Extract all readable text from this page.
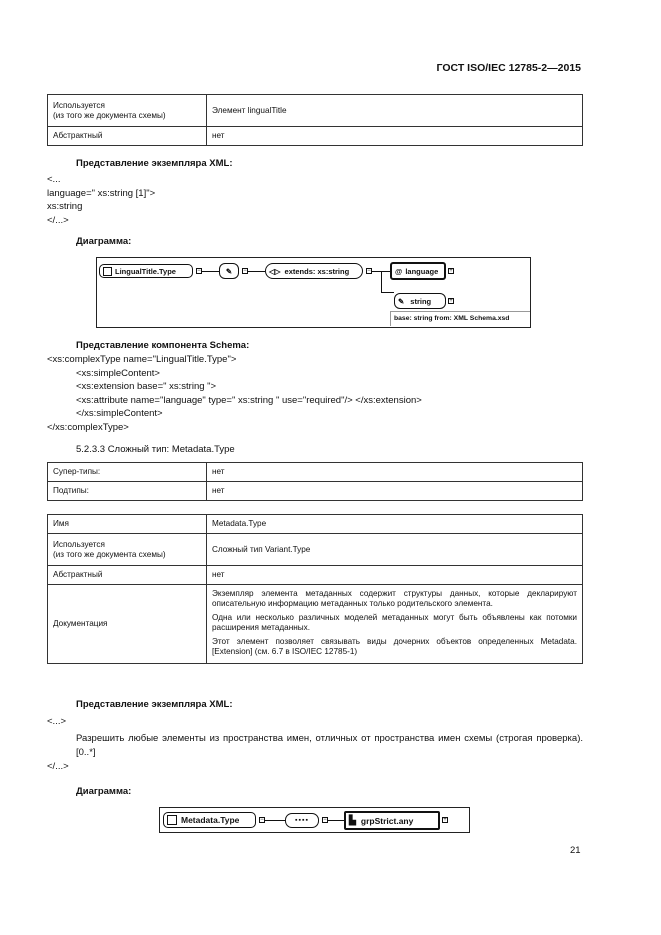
ГОСТ ISO/IEC 12785-2—2015
Используется
(из того же документа схемы)	Элемент lingualTitle
Абстрактный	нет
Представление экземпляра XML:
<...
language=" xs:string [1]">
xs:string
</...>
Диаграмма:
LingualTitle.Type	−	✎	−	◁▷ extends: xs:string	−	@ language +
✎ string	+
base: string from: XML Schema.xsd
Представление компонента Schema:
<xs:complexType name="LingualTitle.Type">
<xs:simpleContent>
<xs:extension base=" xs:string ">
<xs:attribute name="language" type=" xs:string " use="required"/> </xs:extension>
</xs:simpleContent>
</xs:complexType>
5.2.3.3 Сложный тип: Metadata.Type
Супер-типы:	нет
Подтипы:	нет
Имя	Metadata.Type
Используется
(из того же документа схемы)	Сложный тип Variant.Type
Абстрактный	нет
Документация	Экземпляр элемента метаданных содержит структуры данных, которые декларируют описательную информацию метаданных только родительского элемента.

Одна или несколько различных моделей метаданных могут быть объявлены как потомки расширения метаданных.

Этот элемент позволяет связывать виды дочерних объектов определенных Metadata.[Extension] (см. 6.7 в ISO/IEC 12785-1)

Представление экземпляра XML:
<...>
Разрешить любые элементы из пространства имен, отличных от пространства имен схемы (строгая проверка).[0..*]
</...>
Диаграмма:
Metadata.Type	−	▪▪▪▪	− ▙ grpStrict.any	+
21
